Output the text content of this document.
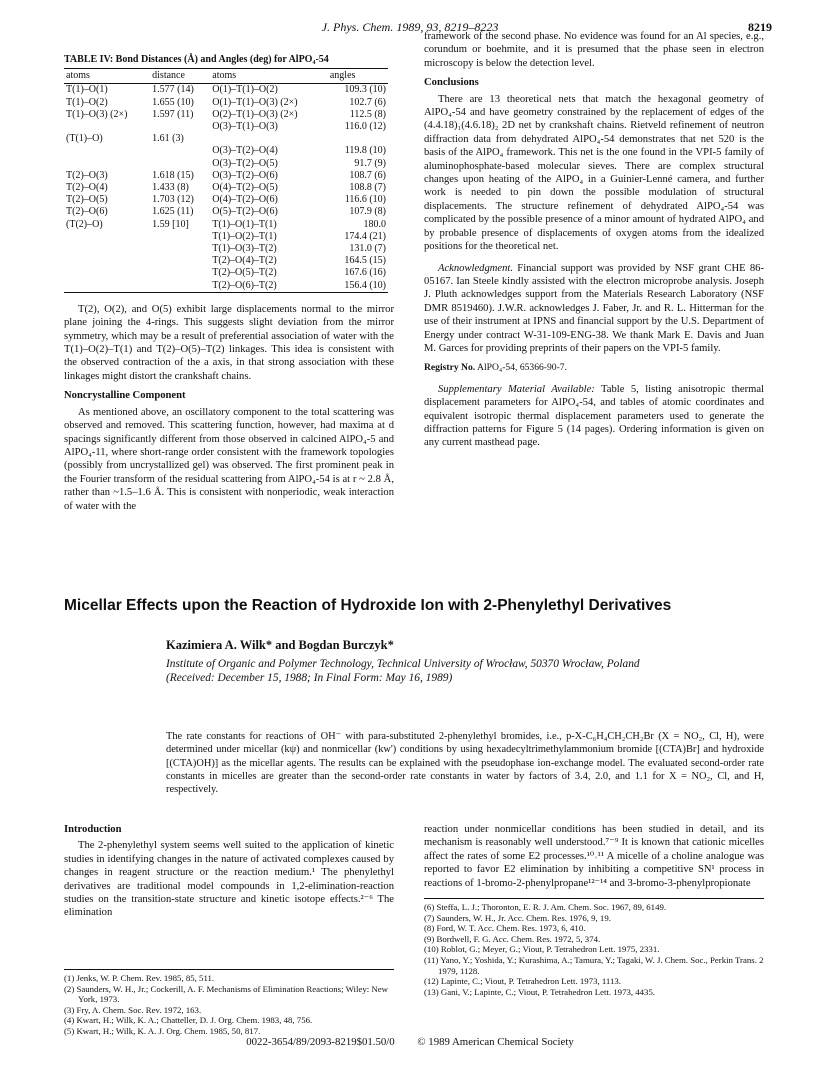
J. Phys. Chem. 1989, 93, 8219–8223	8219
TABLE IV: Bond Distances (Å) and Angles (deg) for AlPO₄-54
atoms	distance	atoms	angles
T(1)–O(1)	1.577 (14)	O(1)–T(1)–O(2)	109.3 (10)
T(1)–O(2)	1.655 (10)	O(1)–T(1)–O(3) (2×)	102.7 (6)
T(1)–O(3) (2×)	1.597 (11)	O(2)–T(1)–O(3) (2×)	112.5 (8)
		O(3)–T(1)–O(3)	116.0 (12)
(T(1)–O)	1.61 (3)		
		O(3)–T(2)–O(4)	119.8 (10)
		O(3)–T(2)–O(5)	91.7 (9)
T(2)–O(3)	1.618 (15)	O(3)–T(2)–O(6)	108.7 (6)
T(2)–O(4)	1.433 (8)	O(4)–T(2)–O(5)	108.8 (7)
T(2)–O(5)	1.703 (12)	O(4)–T(2)–O(6)	116.6 (10)
T(2)–O(6)	1.625 (11)	O(5)–T(2)–O(6)	107.9 (8)
(T(2)–O)	1.59 [10]	T(1)–O(1)–T(1)	180.0
		T(1)–O(2)–T(1)	174.4 (21)
		T(1)–O(3)–T(2)	131.0 (7)
		T(2)–O(4)–T(2)	164.5 (15)
		T(2)–O(5)–T(2)	167.6 (16)
		T(2)–O(6)–T(2)	156.4 (10)

T(2), O(2), and O(5) exhibit large displacements normal to the mirror plane joining the 4-rings. This suggests slight deviation from the mirror symmetry, which may be a result of preferential association of water with the T(1)–O(2)–T(1) and T(2)–O(5)–T(2) linkages. This idea is consistent with the observed contraction of the a axis, in that strong association with these linkages might distort the crankshaft chains.

Noncrystalline Component

As mentioned above, an oscillatory component to the total scattering was observed and removed. This scattering function, however, had maxima at d spacings significantly different from those observed in calcined AlPO₄-5 and AlPO₄-11, where short-range order consistent with the framework topologies (possibly from uncrystallized gel) was observed. The first prominent peak in the Fourier transform of the residual scattering from AlPO₄-54 is at r ~ 2.8 Å, rather than ~1.5–1.6 Å. This is consistent with nonperiodic, weak interaction of water with the

framework of the second phase. No evidence was found for an Al species, e.g., corundum or boehmite, and it is presumed that the phase seen in electron microscopy is below the detection level.

Conclusions

There are 13 theoretical nets that match the hexagonal geometry of AlPO₄-54 and have geometry constrained by the replacement of edges of the (4.4.18)₁(4.6.18)₂ 2D net by crankshaft chains. Rietveld refinement of neutron diffraction data from dehydrated AlPO₄-54 demonstrates that net 520 is the basis of the AlPO₄ framework. This net is the one found in the VPI-5 family of aluminophosphate-based molecular sieves. There are complex structural changes upon heating of the AlPO₄ in a Guinier-Lenné camera, and further work is needed to pin down the possible modulation of structural displacements. The structure refinement of dehydrated AlPO₄-54 was complicated by the possible presence of a minor amount of hydrated AlPO₄ and by probable presence of displacements of oxygen atoms from the idealized positions for the theoretical net.

Acknowledgment. Financial support was provided by NSF grant CHE 86-05167. Ian Steele kindly assisted with the electron microprobe analysis. Joseph J. Pluth acknowledges support from the Materials Research Laboratory (NSF DMR 8519460). J.W.R. acknowledges J. Faber, Jr. and R. L. Hitterman for the use of their instrument at IPNS and financial support by the U.S. Department of Energy under contract W-31-109-ENG-38. We thank Mark E. Davis and Juan M. Garces for providing preprints of their papers on the VPI-5 family.

Registry No. AlPO₄-54, 65366-90-7.

Supplementary Material Available: Table 5, listing anisotropic thermal displacement parameters for AlPO₄-54, and tables of atomic coordinates and equivalent isotropic thermal displacement parameters used to generate the diffraction patterns for Figure 5 (14 pages). Ordering information is given on any current masthead page.

Micellar Effects upon the Reaction of Hydroxide Ion with 2-Phenylethyl Derivatives
Kazimiera A. Wilk* and Bogdan Burczyk*
Institute of Organic and Polymer Technology, Technical University of Wrocław, 50370 Wrocław, Poland
(Received: December 15, 1988; In Final Form: May 16, 1989)
The rate constants for reactions of OH⁻ with para-substituted 2-phenylethyl bromides, i.e., p-X-C₆H₄CH₂CH₂Br (X = NO₂, Cl, H), were determined under micellar (kψ) and nonmicellar (kw') conditions by using hexadecyltrimethylammonium bromide [(CTA)Br] and hydroxide [(CTA)OH)] as the micellar agents. The results can be explained with the pseudophase ion-exchange model. The evaluated second-order rate constants in micelles are greater than the second-order rate constants in water by factors of 3.4, 2.0, and 1.1 for X = NO₂, Cl, and H, respectively.
Introduction

The 2-phenylethyl system seems well suited to the application of kinetic studies in identifying changes in the nature of activated complexes caused by changes in reagent structure or the reaction medium.¹ The phenylethyl derivatives are traditional model compounds in 1,2-elimination-reaction studies on the transition-state structure and kinetic isotope effects.²⁻⁶ The elimination

reaction under nonmicellar conditions has been studied in detail, and its mechanism is reasonably well understood.⁷⁻⁹ It is known that cationic micelles affect the rates of some E2 processes.¹⁰˒¹¹ A micelle of a choline analogue was reported to favor E2 elimination by inhibiting a competitive SN¹ process in reactions of 1-bromo-2-phenylpropane¹²⁻¹⁴ and 3-bromo-3-phenylpropionate

(1) Jenks, W. P. Chem. Rev. 1985, 85, 511.
(2) Saunders, W. H., Jr.; Cockerill, A. F. Mechanisms of Elimination Reactions; Wiley: New York, 1973.
(3) Fry, A. Chem. Soc. Rev. 1972, 163.
(4) Kwart, H.; Wilk, K. A.; Chatteller, D. J. Org. Chem. 1983, 48, 756.
(5) Kwart, H.; Wilk, K. A. J. Org. Chem. 1985, 50, 817.
(6) Steffa, L. J.; Thoronton, E. R. J. Am. Chem. Soc. 1967, 89, 6149.
(7) Saunders, W. H., Jr. Acc. Chem. Res. 1976, 9, 19.
(8) Ford, W. T. Acc. Chem. Res. 1973, 6, 410.
(9) Bordwell, F. G. Acc. Chem. Res. 1972, 5, 374.
(10) Roblot, G.; Meyer, G.; Viout, P. Tetrahedron Lett. 1975, 2331.
(11) Yano, Y.; Yoshida, Y.; Kurashima, A.; Tamura, Y.; Tagaki, W. J. Chem. Soc., Perkin Trans. 2 1979, 1128.
(12) Lapinte, C.; Viout, P. Tetrahedron Lett. 1973, 1113.
(13) Gani, V.; Lapinte, C.; Viout, P. Tetrahedron Lett. 1973, 4435.
0022-3654/89/2093-8219$01.50/0 © 1989 American Chemical Society
